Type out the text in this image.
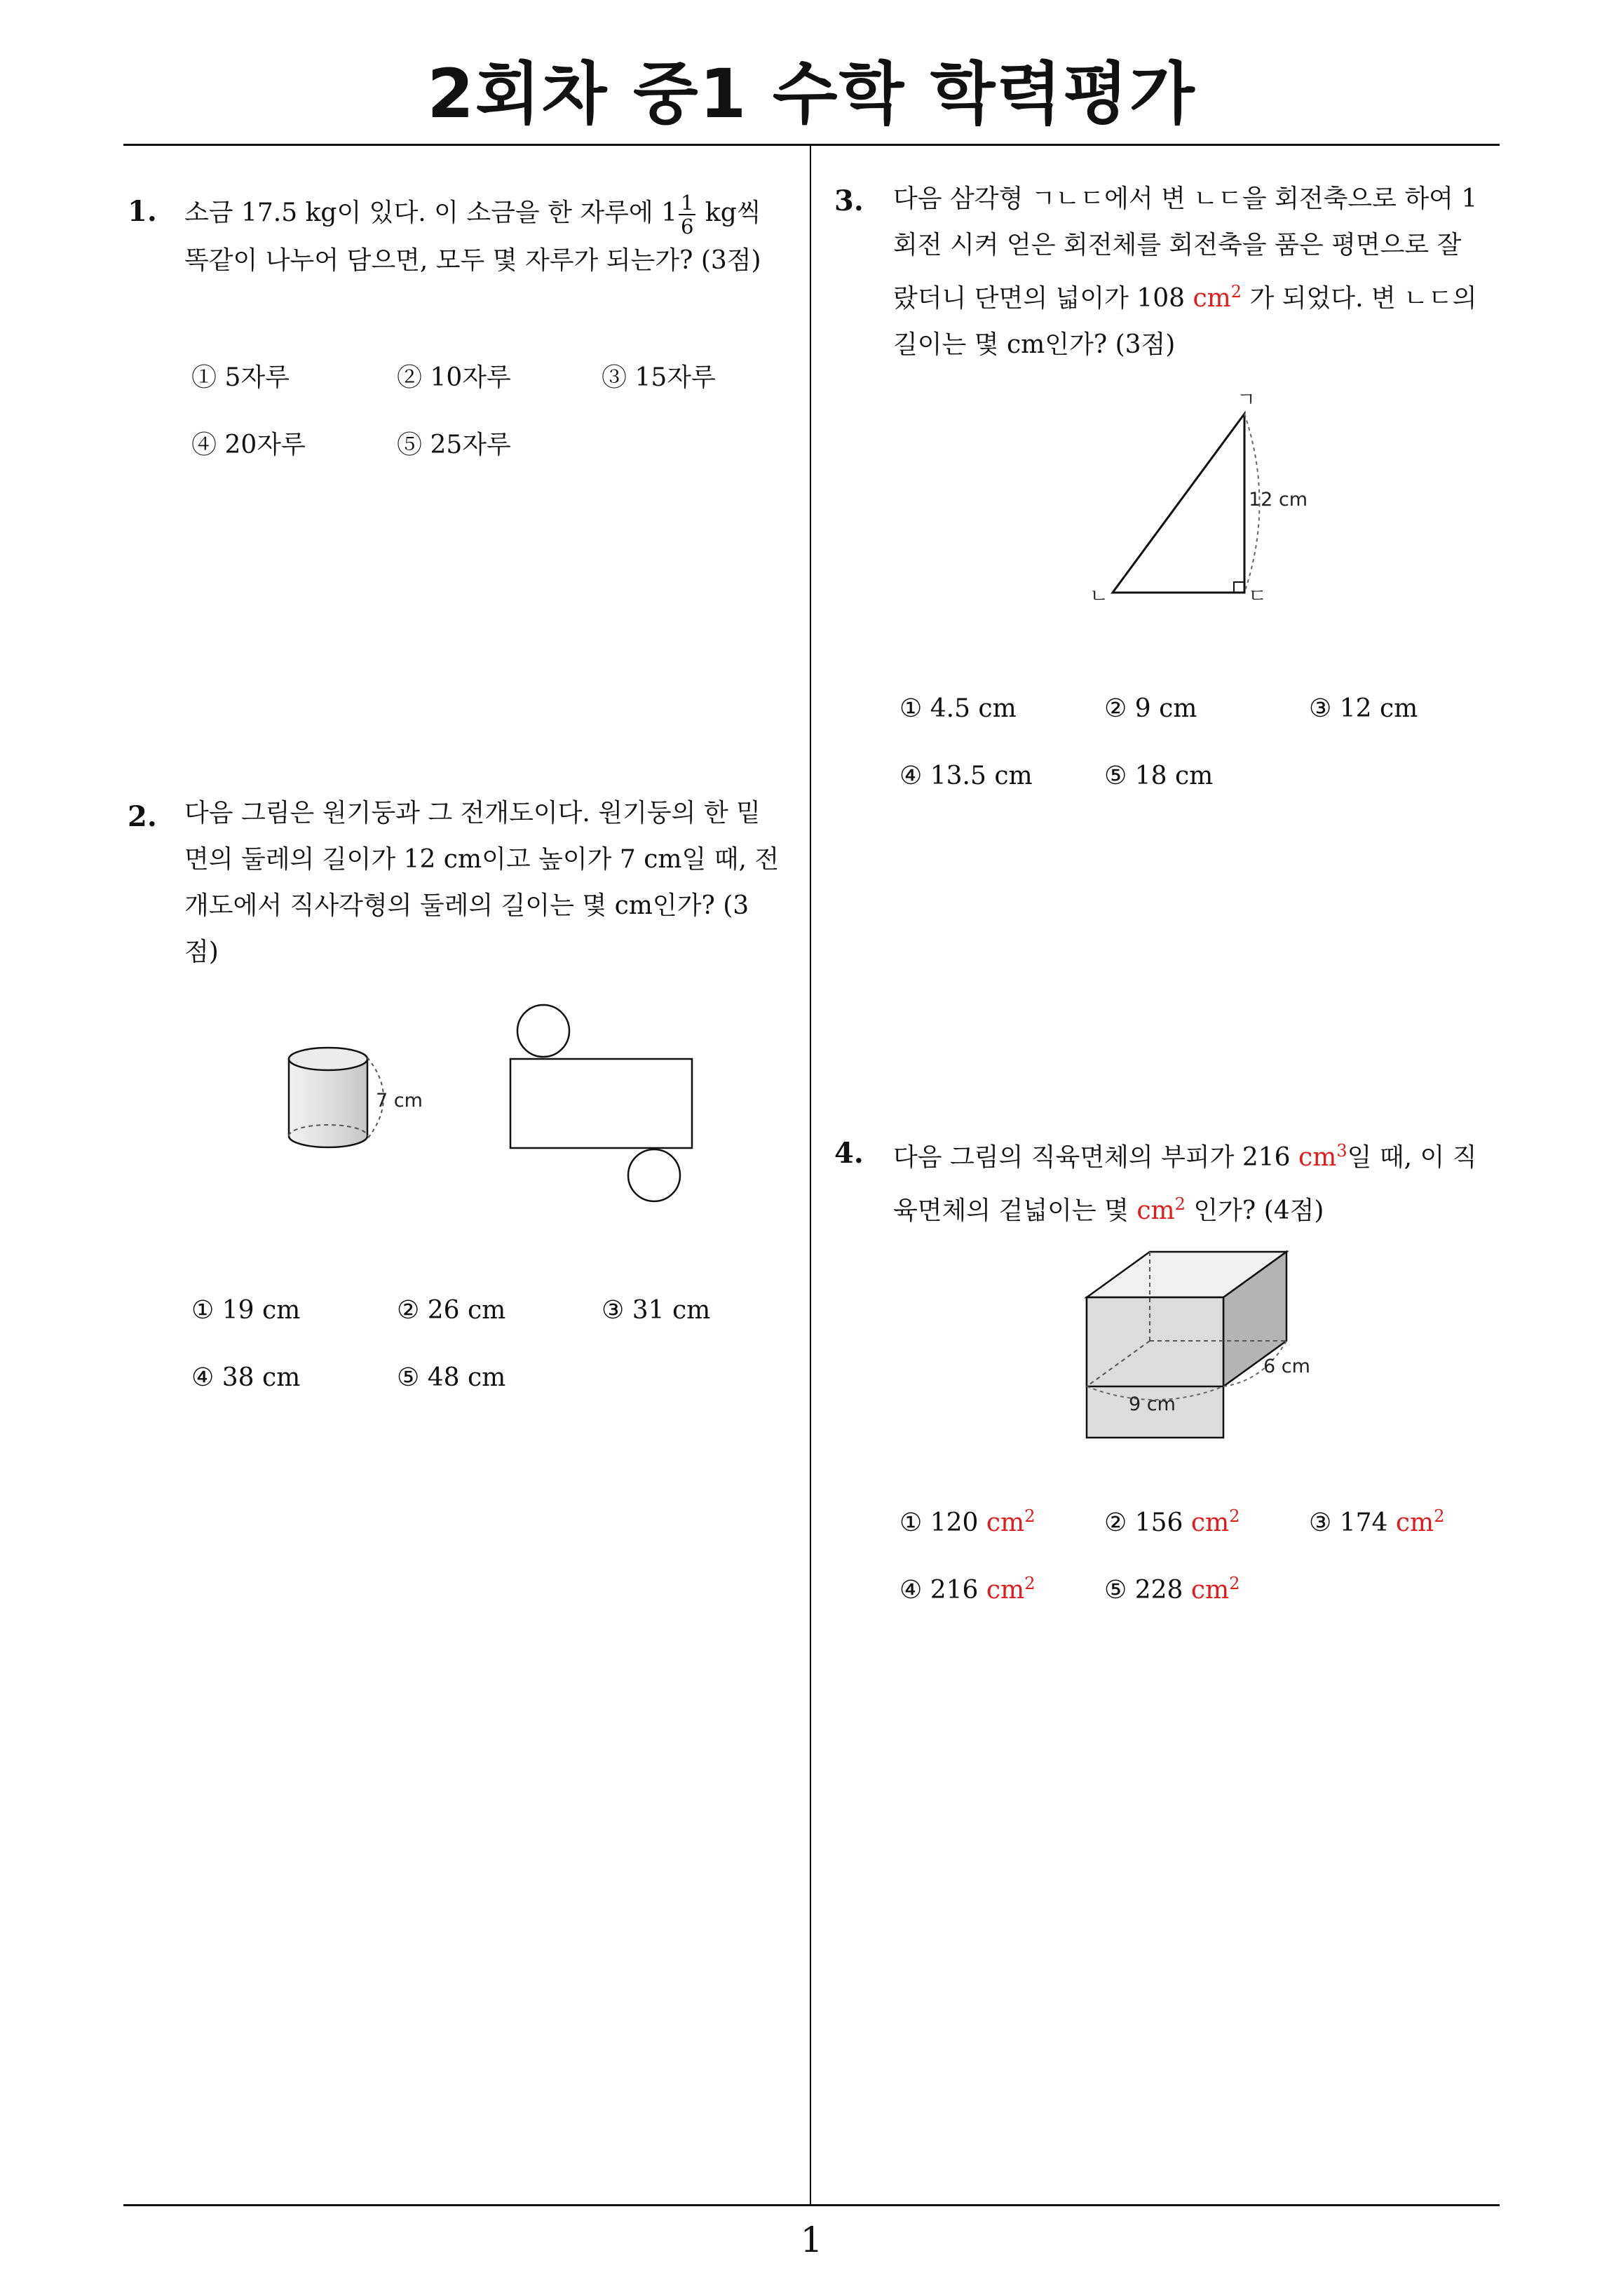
2회차 중1 수학 학력평가
1
1. 소금 17.5 kg이 있다. 이 소금을 한 자루에 $1 \frac{1}{6}$ kg씩
똑같이 나누어 담으면, 모두 몇 자루가 되는가? (3점)
① 5자루	② 10자루	③ 15자루
④ 20자루	⑤ 25자루
2. 다음 그림은 원기둥과 그 전개도이다. 원기둥의 한 밑
면의 둘레의 길이가 12 cm이고 높이가 7 cm일 때, 전
개도에서 직사각형의 둘레의 길이는 몇 cm인가? (3
점)
7 cm
① 19 cm	② 26 cm	③ 31 cm
④ 38 cm	⑤ 48 cm
3. 다음 삼각형 ㄱㄴㄷ에서 변 ㄴㄷ을 회전축으로 하여 1
회전 시켜 얻은 회전체를 회전축을 품은 평면으로 잘
랐더니 단면의 넓이가 108 $cm^2$ 가 되었다. 변 ㄴㄷ의
길이는 몇 cm인가? (3점)
12 cm
ㄱ
ㄴ	ㄷ
① 4.5 cm	② 9 cm	③ 12 cm
④ 13.5 cm	⑤ 18 cm
4. 다음 그림의 직육면체의 부피가 216 $cm^3$일 때, 이 직
육면체의 겉넓이는 몇 $cm^2$ 인가? (4점)
6 cm
9 cm
① 120 $cm^2$	② 156 $cm^2$	③ 174 $cm^2$
④ 216 $cm^2$	⑤ 228 $cm^2$
